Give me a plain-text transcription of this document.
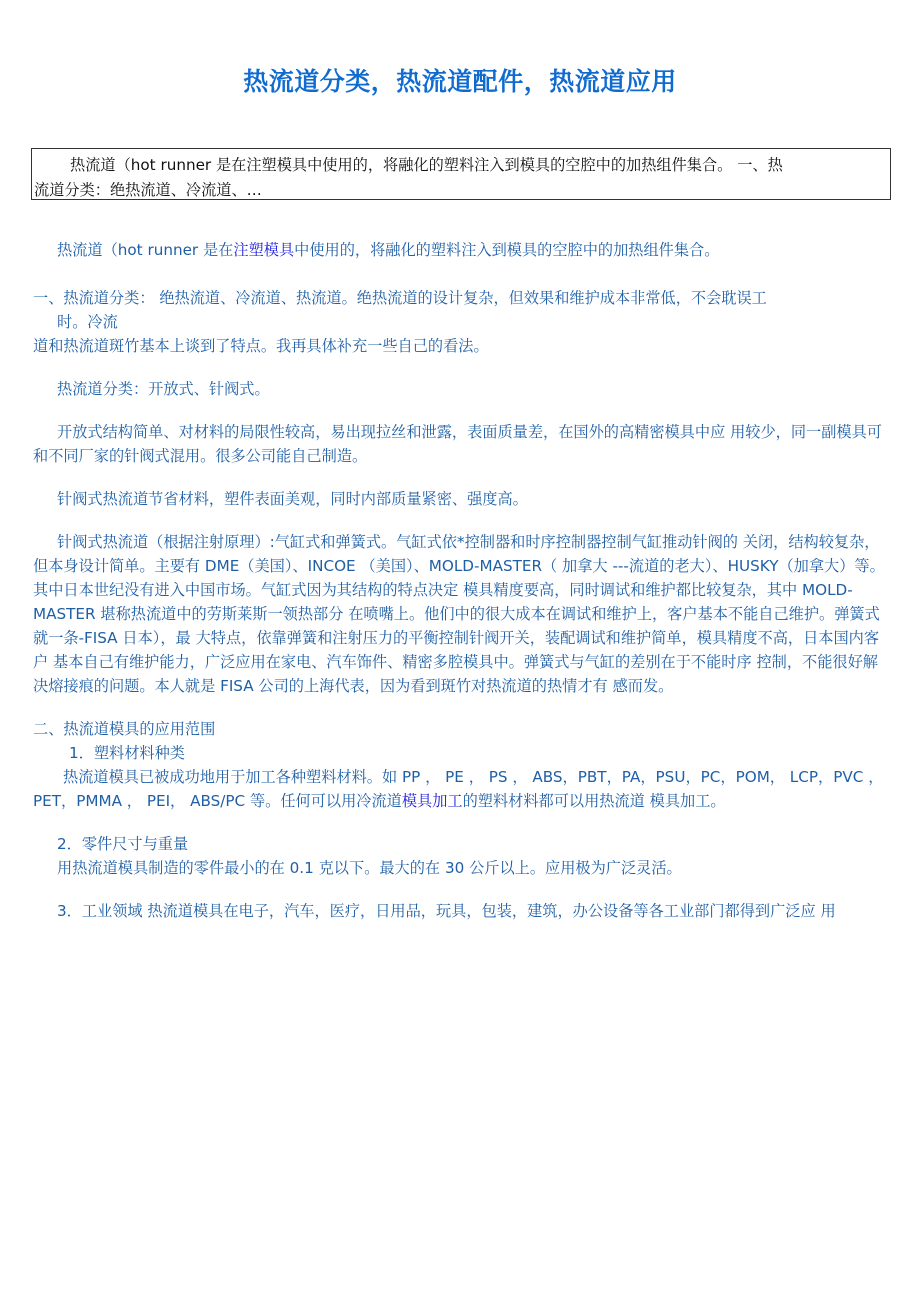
热流道分类，热流道配件，热流道应用
热流道（hot runner 是在注塑模具中使用的，将融化的塑料注入到模具的空腔中的加热组件集合。 一、热
流道分类：绝热流道、冷流道、…

热流道（hot runner 是在注塑模具中使用的，将融化的塑料注入到模具的空腔中的加热组件集合。

一、热流道分类： 绝热流道、冷流道、热流道。绝热流道的设计复杂，但效果和维护成本非常低，不会耽误工
时。冷流
道和热流道斑竹基本上谈到了特点。我再具体补充一些自己的看法。

热流道分类：开放式、针阀式。

开放式结构简单、对材料的局限性较高，易出现拉丝和泄露，表面质量差，在国外的高精密模具中应 用较少，同一副模具可和不同厂家的针阀式混用。很多公司能自己制造。

针阀式热流道节省材料，塑件表面美观，同时内部质量紧密、强度高。

针阀式热流道（根据注射原理）:气缸式和弹簧式。气缸式依*控制器和时序控制器控制气缸推动针阀的 关闭，结构较复杂，但本身设计简单。主要有 DME（美国）、INCOE （美国）、MOLD-MASTER（ 加拿大 ---流道的老大）、HUSKY（加拿大）等。其中日本世纪没有进入中国市场。气缸式因为其结构的特点决定 模具精度要高，同时调试和维护都比较复杂，其中 MOLD-MASTER 堪称热流道中的劳斯莱斯一领热部分 在喷嘴上。他们中的很大成本在调试和维护上，客户基本不能自己维护。弹簧式就一条-FISA 日本），最 大特点，依靠弹簧和注射压力的平衡控制针阀开关，装配调试和维护简单，模具精度不高，日本国内客户 基本自己有维护能力，广泛应用在家电、汽车饰件、精密多腔模具中。弹簧式与气缸的差别在于不能时序 控制，不能很好解决熔接痕的问题。本人就是 FISA 公司的上海代表，因为看到斑竹对热流道的热情才有 感而发。

二、热流道模具的应用范围
1．塑料材料种类

热流道模具已被成功地用于加工各种塑料材料。如 PP ， PE ， PS ， ABS，PBT，PA，PSU，PC，POM， LCP，PVC ，PET，PMMA ， PEI， ABS/PC 等。任何可以用冷流道模具加工的塑料材料都可以用热流道 模具加工。

2．零件尺寸与重量
用热流道模具制造的零件最小的在 0.1 克以下。最大的在 30 公斤以上。应用极为广泛灵活。

3．工业领域 热流道模具在电子，汽车，医疗，日用品，玩具，包装，建筑，办公设备等各工业部门都得到广泛应 用
